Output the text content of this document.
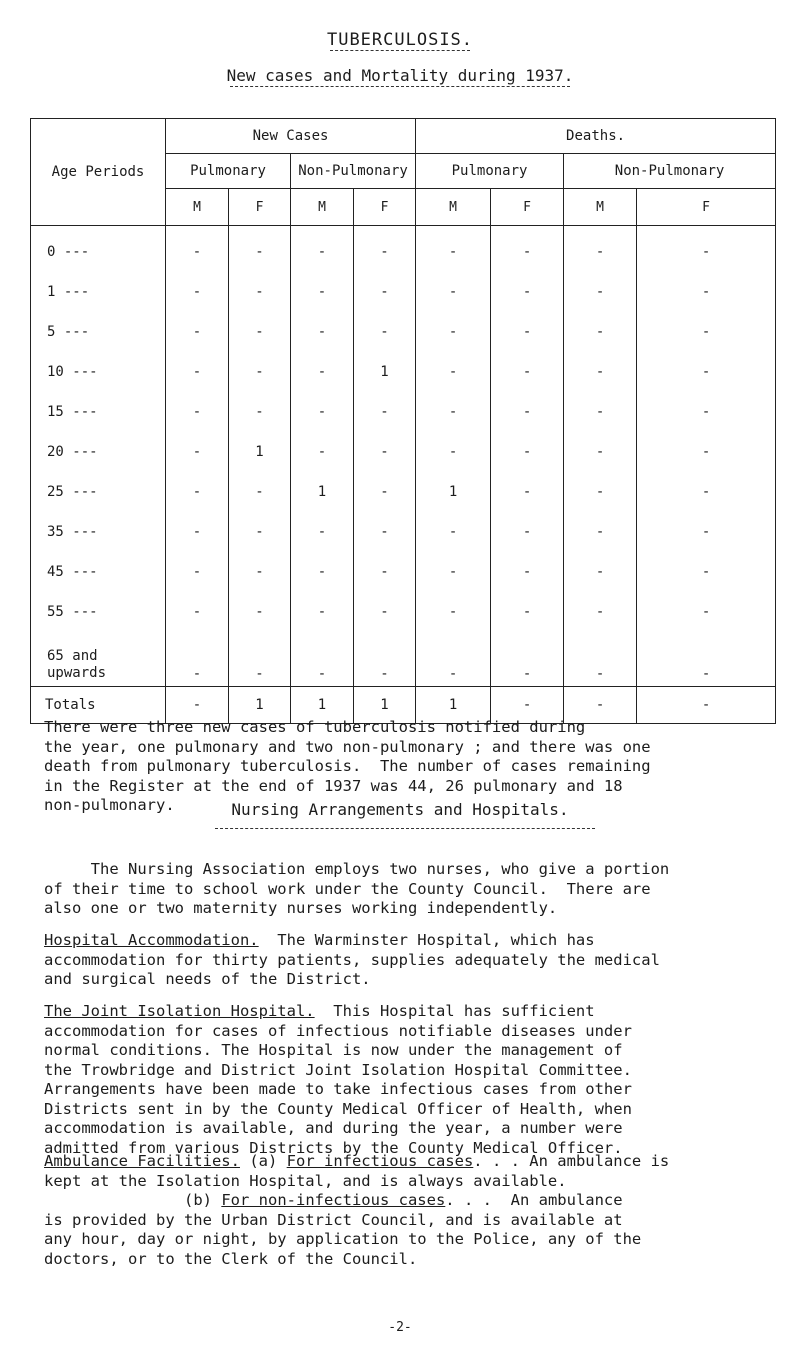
TUBERCULOSIS.
New cases and Mortality during 1937.
Age Periods	New Cases				Deaths.			
	Pulmonary		Non-Pulmonary		Pulmonary		Non-Pulmonary	
	M	F	M	F	M	F	M	F
0 ---	-	-	-	-	-	-	-	-
1 ---	-	-	-	-	-	-	-	-
5 ---	-	-	-	-	-	-	-	-
10 ---	-	-	-	1	-	-	-	-
15 ---	-	-	-	-	-	-	-	-
20 ---	-	1	-	-	-	-	-	-
25 ---	-	-	1	-	1	-	-	-
35 ---	-	-	-	-	-	-	-	-
45 ---	-	-	-	-	-	-	-	-
55 ---	-	-	-	-	-	-	-	-
65 and
upwards	-	-	-	-	-	-	-	-
Totals	-	1	1	1	1	-	-	-

There were three new cases of tuberculosis notified during
the year, one pulmonary and two non-pulmonary ; and there was one
death from pulmonary tuberculosis.  The number of cases remaining
in the Register at the end of 1937 was 44, 26 pulmonary and 18
non-pulmonary.	Nursing Arrangements and Hospitals.

The Nursing Association employs two nurses, who give a portion
of their time to school work under the County Council.  There are
also one or two maternity nurses working independently.

Hospital Accommodation.  The Warminster Hospital, which has
accommodation for thirty patients, supplies adequately the medical
and surgical needs of the District.

The Joint Isolation Hospital.  This Hospital has sufficient
accommodation for cases of infectious notifiable diseases under
normal conditions. The Hospital is now under the management of
the Trowbridge and District Joint Isolation Hospital Committee.
Arrangements have been made to take infectious cases from other
Districts sent in by the County Medical Officer of Health, when
accommodation is available, and during the year, a number were
admitted from various Districts by the County Medical Officer.

Ambulance Facilities. (a) For infectious cases. . . An ambulance is
kept at the Isolation Hospital, and is always available.
(b) For non-infectious cases. . .  An ambulance
is provided by the Urban District Council, and is available at
any hour, day or night, by application to the Police, any of the
doctors, or to the Clerk of the Council.

-2-
